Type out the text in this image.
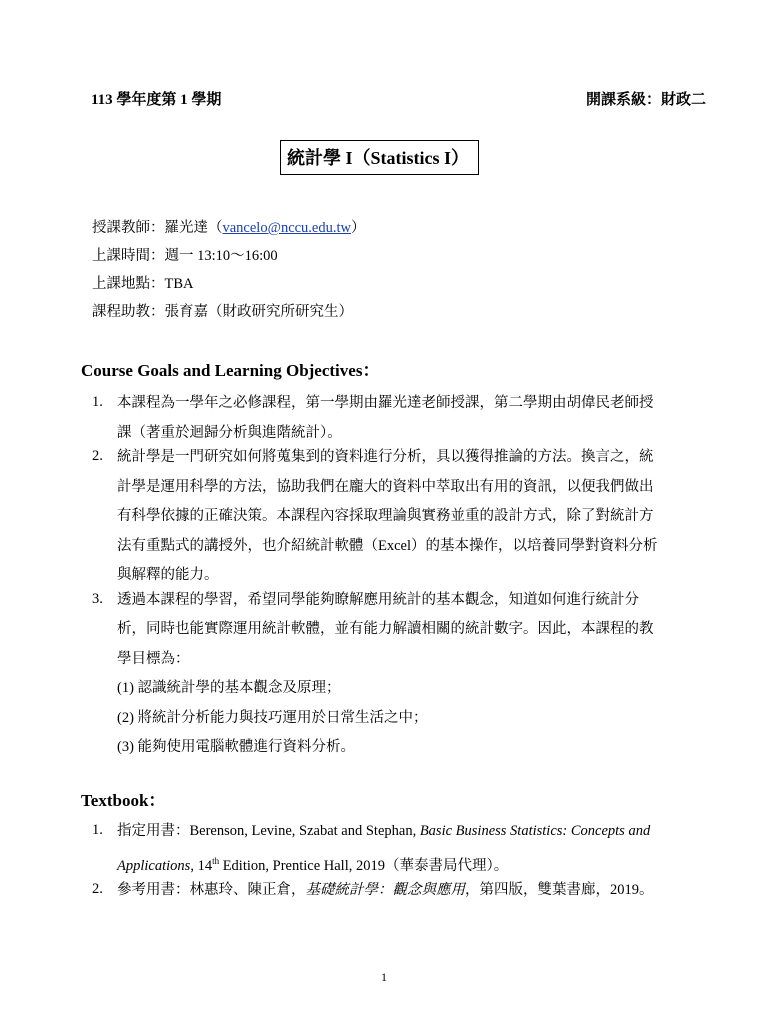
113 學年度第 1 學期	開課系級：財政二
統計學 I（Statistics I）
授課教師：羅光達（vancelo@nccu.edu.tw）
上課時間：週一 13:10～16:00
上課地點：TBA
課程助教：張育嘉（財政研究所研究生）
Course Goals and Learning Objectives：
1. 本課程為一學年之必修課程，第一學期由羅光達老師授課，第二學期由胡偉民老師授
課（著重於迴歸分析與進階統計）。
2. 統計學是一門研究如何將蒐集到的資料進行分析，具以獲得推論的方法。換言之，統
計學是運用科學的方法，協助我們在龐大的資料中萃取出有用的資訊，以便我們做出
有科學依據的正確決策。本課程內容採取理論與實務並重的設計方式，除了對統計方
法有重點式的講授外，也介紹統計軟體（Excel）的基本操作，以培養同學對資料分析
與解釋的能力。
3. 透過本課程的學習，希望同學能夠瞭解應用統計的基本觀念，知道如何進行統計分
析，同時也能實際運用統計軟體，並有能力解讀相關的統計數字。因此，本課程的教
學目標為：
(1) 認識統計學的基本觀念及原理；
(2) 將統計分析能力與技巧運用於日常生活之中；
(3) 能夠使用電腦軟體進行資料分析。
Textbook：
1. 指定用書：Berenson, Levine, Szabat and Stephan, Basic Business Statistics: Concepts and
Applications, 14th Edition, Prentice Hall, 2019（華泰書局代理）。
2. 參考用書：林惠玲、陳正倉，基礎統計學：觀念與應用，第四版，雙葉書廊，2019。
1
